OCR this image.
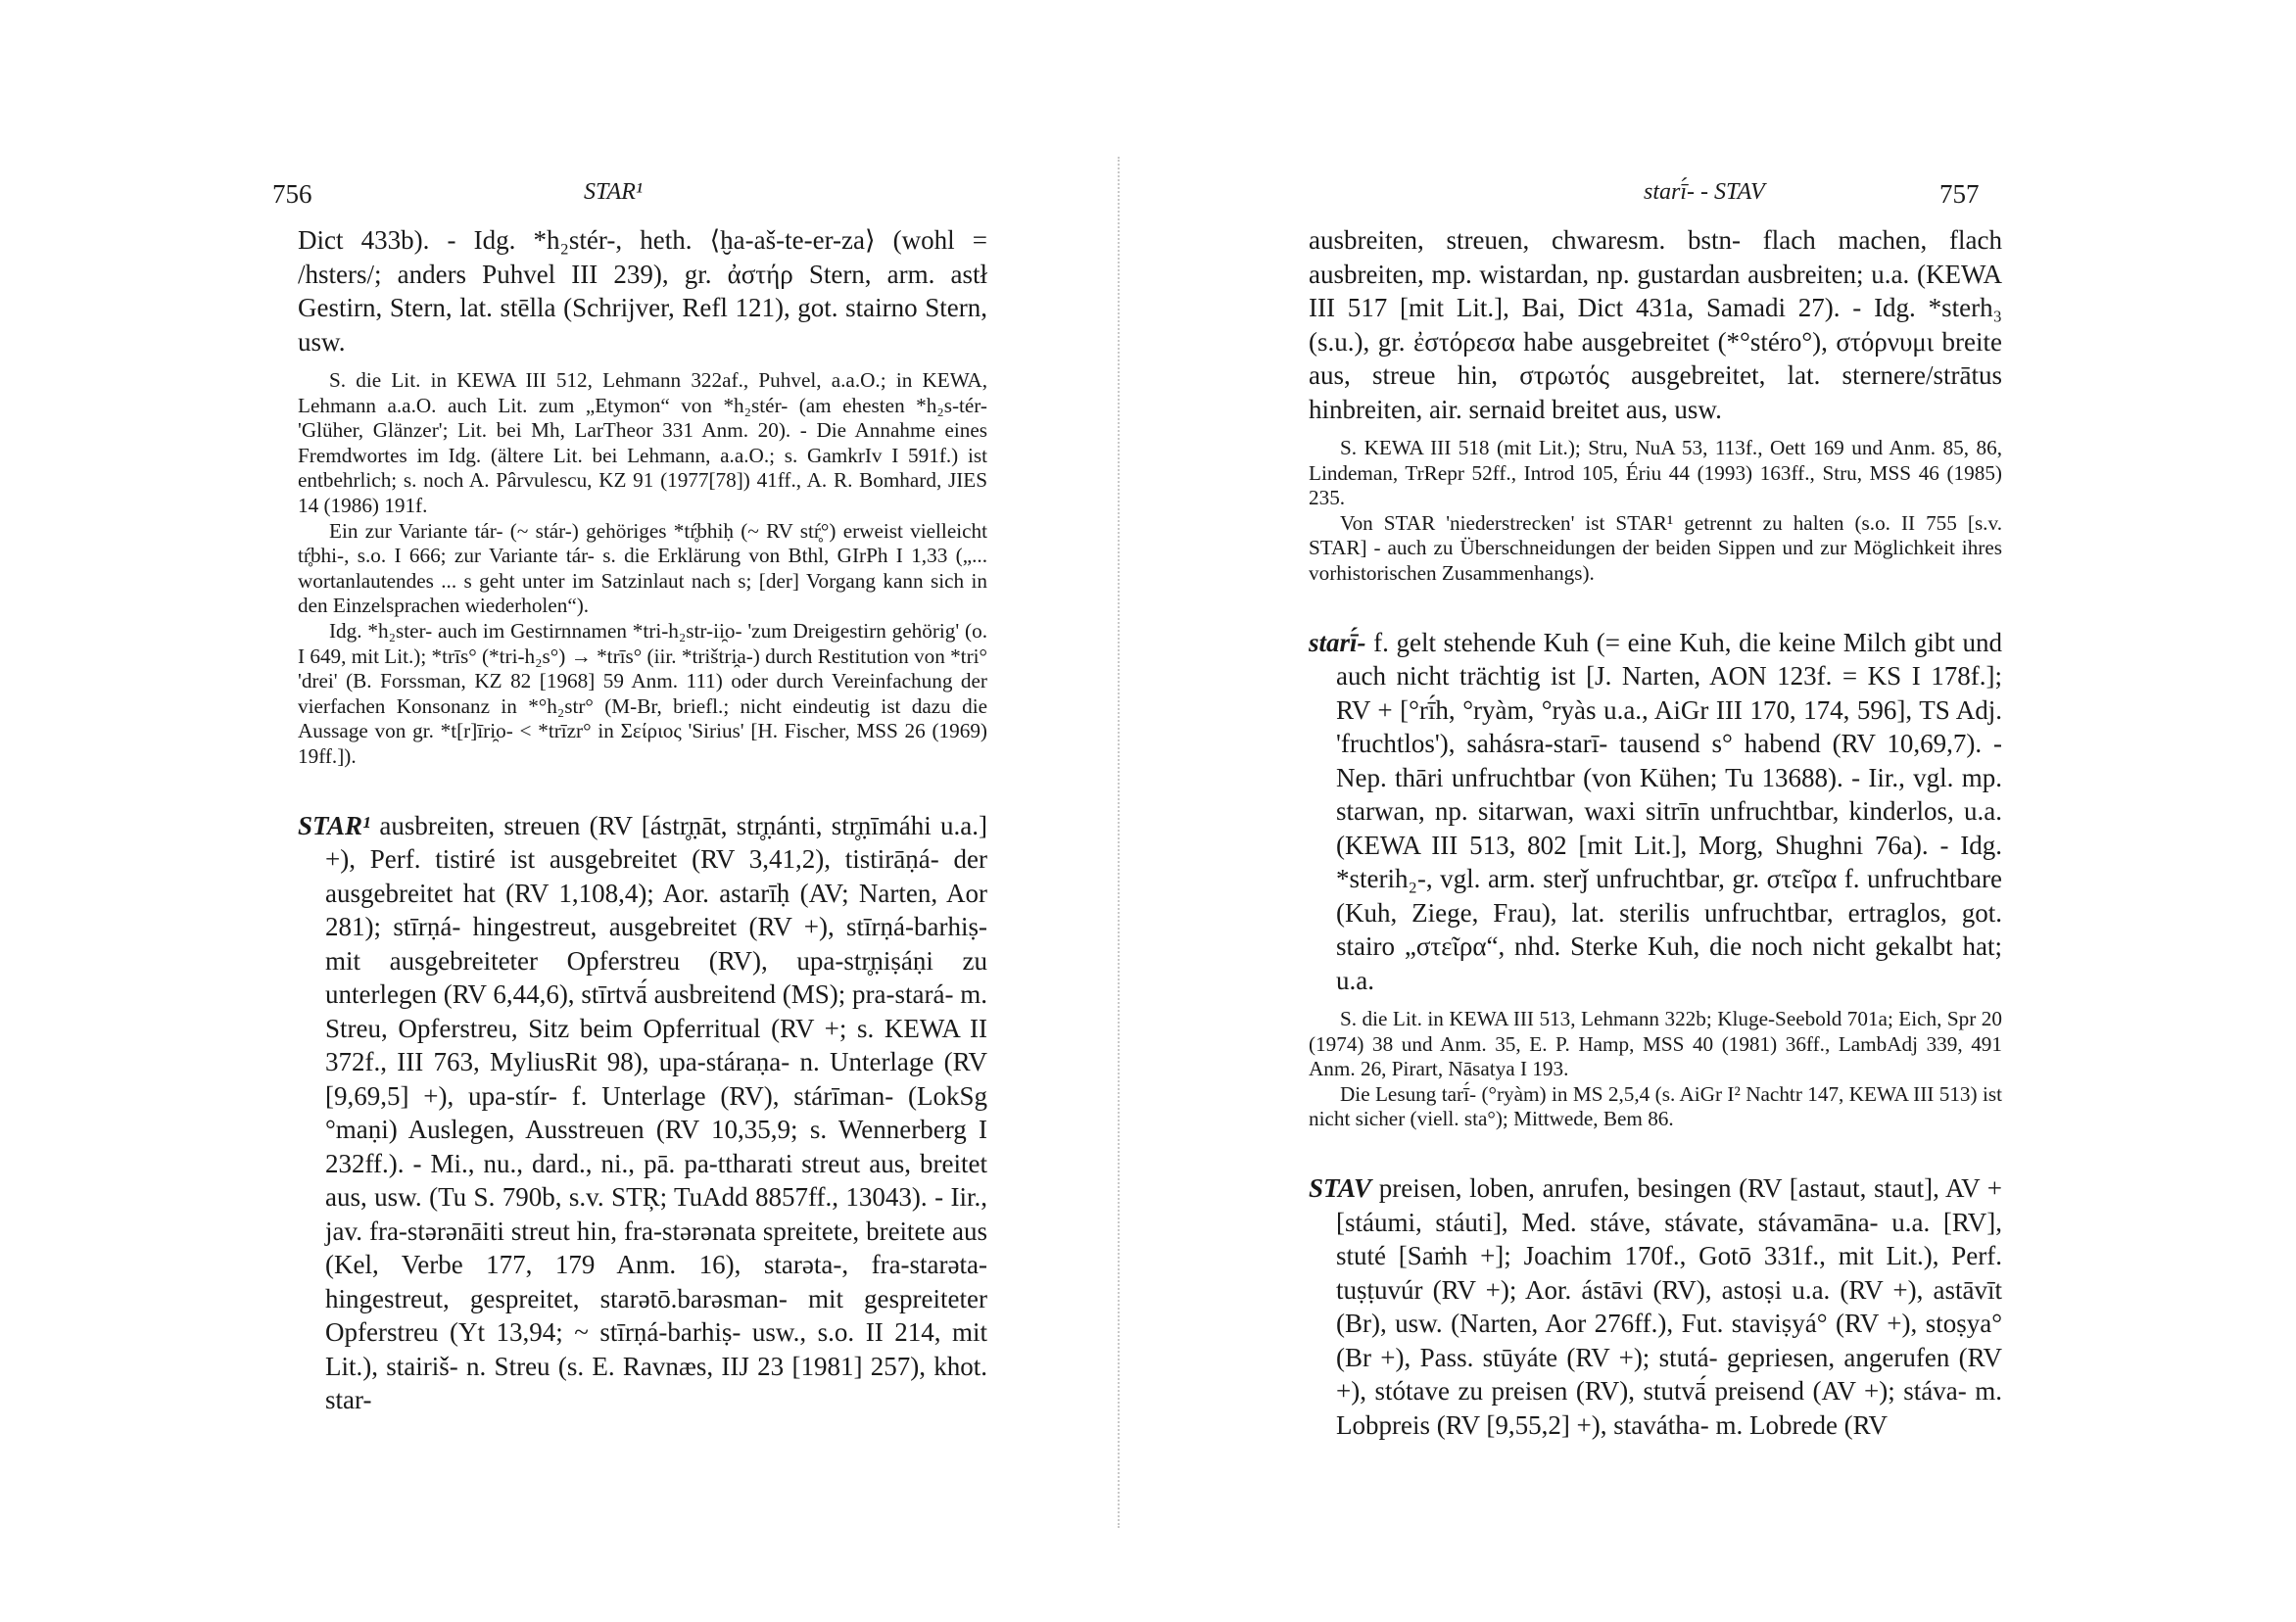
756	STAR¹

Dict 433b). - Idg. *h₂stér-, heth. ⟨ḫa-aš-te-er-za⟩ (wohl = /hsters/; anders Puhvel III 239), gr. ἀστήρ Stern, arm. astł Gestirn, Stern, lat. stēlla (Schrijver, Refl 121), got. stairno Stern, usw.

S. die Lit. in KEWA III 512, Lehmann 322af., Puhvel, a.a.O.; in KEWA, Lehmann a.a.O. auch Lit. zum „Etymon“ von *h₂stér- (am ehesten *h₂s-tér- 'Glüher, Glänzer'; Lit. bei Mh, LarTheor 331 Anm. 20). - Die Annahme eines Fremdwortes im Idg. (ältere Lit. bei Lehmann, a.a.O.; s. GamkrIv I 591f.) ist entbehrlich; s. noch A. Pârvulescu, KZ 91 (1977[78]) 41ff., A. R. Bomhard, JIES 14 (1986) 191f.

Ein zur Variante tár- (~ stár-) gehöriges *tŕ̥bhiḥ (~ RV stŕ̥°) erweist vielleicht tŕ̥bhi-, s.o. I 666; zur Variante tár- s. die Erklärung von Bthl, GIrPh I 1,33 („... wortanlautendes ... s geht unter im Satzinlaut nach s; [der] Vorgang kann sich in den Einzelsprachen wiederholen“).

Idg. *h₂ster- auch im Gestirnnamen *tri-h₂str-ii̯o- 'zum Dreigestirn gehörig' (o. I 649, mit Lit.); *trīs° (*tri-h₂s°) → *trīs° (iir. *trištri̯a-) durch Restitution von *tri° 'drei' (B. Forssman, KZ 82 [1968] 59 Anm. 111) oder durch Vereinfachung der vierfachen Konsonanz in *°h₂str° (M-Br, briefl.; nicht eindeutig ist dazu die Aussage von gr. *t[r]īri̯o- < *trīzr° in Σείριος 'Sirius' [H. Fischer, MSS 26 (1969) 19ff.]).

STAR¹ ausbreiten, streuen (RV [ástr̥ṇāt, str̥ṇánti, str̥ṇīmáhi u.a.] +), Perf. tistiré ist ausgebreitet (RV 3,41,2), tistirāṇá- der ausgebreitet hat (RV 1,108,4); Aor. astarīḥ (AV; Narten, Aor 281); stīrṇá- hingestreut, ausgebreitet (RV +), stīrṇá-barhiṣ- mit ausgebreiteter Opferstreu (RV), upa-str̥ṇiṣáṇi zu unterlegen (RV 6,44,6), stīrtvā́ ausbreitend (MS); pra-stará- m. Streu, Opferstreu, Sitz beim Opferritual (RV +; s. KEWA II 372f., III 763, MyliusRit 98), upa-stáraṇa- n. Unterlage (RV [9,69,5] +), upa-stír- f. Unterlage (RV), stárīman- (LokSg °maṇi) Auslegen, Ausstreuen (RV 10,35,9; s. Wennerberg I 232ff.). - Mi., nu., dard., ni., pā. pa-ttharati streut aus, breitet aus, usw. (Tu S. 790b, s.v. STŖ; TuAdd 8857ff., 13043). - Iir., jav. fra-stərənāiti streut hin, fra-stərənata spreitete, breitete aus (Kel, Verbe 177, 179 Anm. 16), starəta-, fra-starəta- hingestreut, gespreitet, starətō.barəsman- mit gespreiteter Opferstreu (Yt 13,94; ~ stīrṇá-barhiṣ- usw., s.o. II 214, mit Lit.), stairiš- n. Streu (s. E. Ravnæs, IIJ 23 [1981] 257), khot. star-

starī́- - STAV	757

ausbreiten, streuen, chwaresm. bstn- flach machen, flach ausbreiten, mp. wistardan, np. gustardan ausbreiten; u.a. (KEWA III 517 [mit Lit.], Bai, Dict 431a, Samadi 27). - Idg. *sterh₃ (s.u.), gr. ἐστόρεσα habe ausgebreitet (*°stéro°), στόρνυμι breite aus, streue hin, στρωτός ausgebreitet, lat. sternere/strātus hinbreiten, air. sernaid breitet aus, usw.

S. KEWA III 518 (mit Lit.); Stru, NuA 53, 113f., Oett 169 und Anm. 85, 86, Lindeman, TrRepr 52ff., Introd 105, Ériu 44 (1993) 163ff., Stru, MSS 46 (1985) 235.

Von STAR 'niederstrecken' ist STAR¹ getrennt zu halten (s.o. II 755 [s.v. STAR] - auch zu Überschneidungen der beiden Sippen und zur Möglichkeit ihres vorhistorischen Zusammenhangs).

starī́- f. gelt stehende Kuh (= eine Kuh, die keine Milch gibt und auch nicht trächtig ist [J. Narten, AON 123f. = KS I 178f.]; RV + [°rī́h, °ryàm, °ryàs u.a., AiGr III 170, 174, 596], TS Adj. 'fruchtlos'), sahásra-starī- tausend s° habend (RV 10,69,7). - Nep. thāri unfruchtbar (von Kühen; Tu 13688). - Iir., vgl. mp. starwan, np. sitarwan, waxi sitrīn unfruchtbar, kinderlos, u.a. (KEWA III 513, 802 [mit Lit.], Morg, Shughni 76a). - Idg. *sterih₂-, vgl. arm. sterǰ unfruchtbar, gr. στεῖρα f. unfruchtbare (Kuh, Ziege, Frau), lat. sterilis unfruchtbar, ertraglos, got. stairo „στεῖρα“, nhd. Sterke Kuh, die noch nicht gekalbt hat; u.a.

S. die Lit. in KEWA III 513, Lehmann 322b; Kluge-Seebold 701a; Eich, Spr 20 (1974) 38 und Anm. 35, E. P. Hamp, MSS 40 (1981) 36ff., LambAdj 339, 491 Anm. 26, Pirart, Nāsatya I 193.

Die Lesung tarī́- (°ryàm) in MS 2,5,4 (s. AiGr I² Nachtr 147, KEWA III 513) ist nicht sicher (viell. sta°); Mittwede, Bem 86.

STAV preisen, loben, anrufen, besingen (RV [astaut, staut], AV + [stáumi, stáuti], Med. stáve, stávate, stávamāna- u.a. [RV], stuté [Saṁh +]; Joachim 170f., Gotō 331f., mit Lit.), Perf. tuṣṭuvúr (RV +); Aor. ástāvi (RV), astoṣi u.a. (RV +), astāvīt (Br), usw. (Narten, Aor 276ff.), Fut. staviṣyá° (RV +), stoṣya° (Br +), Pass. stūyáte (RV +); stutá- gepriesen, angerufen (RV +), stótave zu preisen (RV), stutvā́ preisend (AV +); stáva- m. Lobpreis (RV [9,55,2] +), stavátha- m. Lobrede (RV
